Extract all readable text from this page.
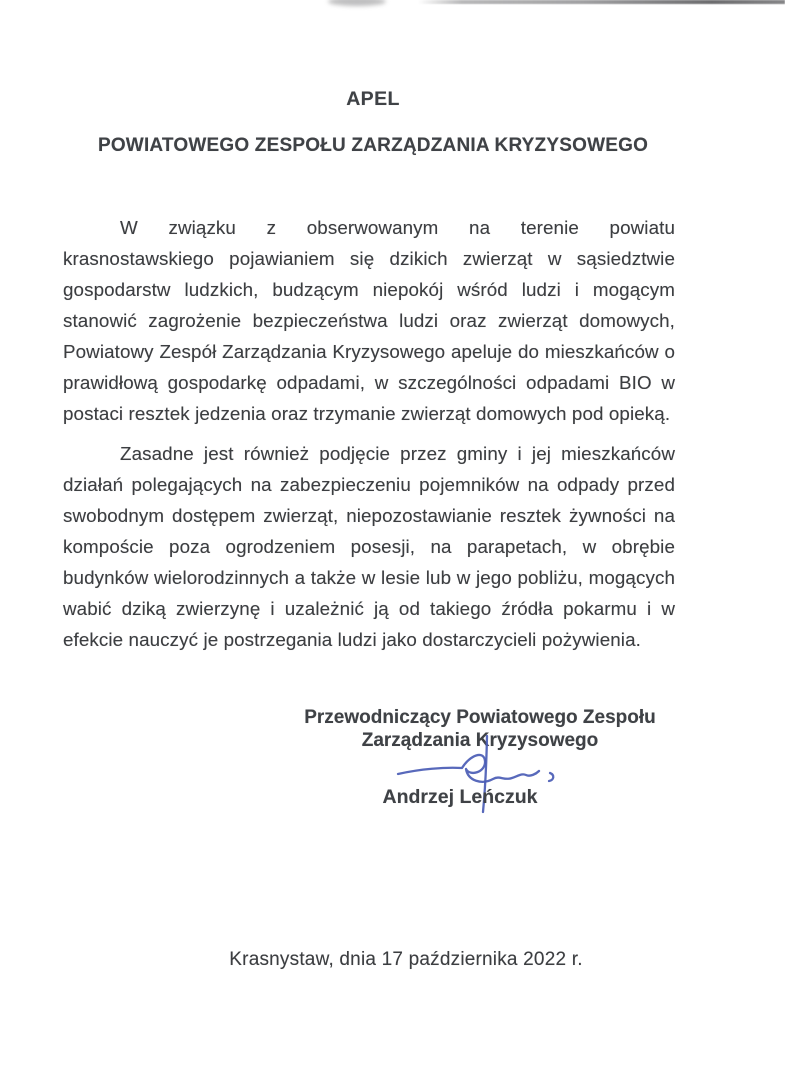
APEL
POWIATOWEGO ZESPOŁU ZARZĄDZANIA KRYZYSOWEGO

W związku z obserwowanym na terenie powiatu krasnostawskiego pojawianiem się dzikich zwierząt w sąsiedztwie gospodarstw ludzkich, budzącym niepokój wśród ludzi i mogącym stanowić zagrożenie bezpieczeństwa ludzi oraz zwierząt domowych, Powiatowy Zespół Zarządzania Kryzysowego apeluje do mieszkańców o prawidłową gospodarkę odpadami, w szczególności odpadami BIO w postaci resztek jedzenia oraz trzymanie zwierząt domowych pod opieką.

Zasadne jest również podjęcie przez gminy i jej mieszkańców działań polegających na zabezpieczeniu pojemników na odpady przed swobodnym dostępem zwierząt, niepozostawianie resztek żywności na kompoście poza ogrodzeniem posesji, na parapetach, w obrębie budynków wielorodzinnych a także w lesie lub w jego pobliżu, mogących wabić dziką zwierzynę i uzależnić ją od takiego źródła pokarmu i w efekcie nauczyć je postrzegania ludzi jako dostarczycieli pożywienia.

Przewodniczący Powiatowego Zespołu
Zarządzania Kryzysowego
Andrzej Leńczuk
Krasnystaw, dnia 17 października 2022 r.
